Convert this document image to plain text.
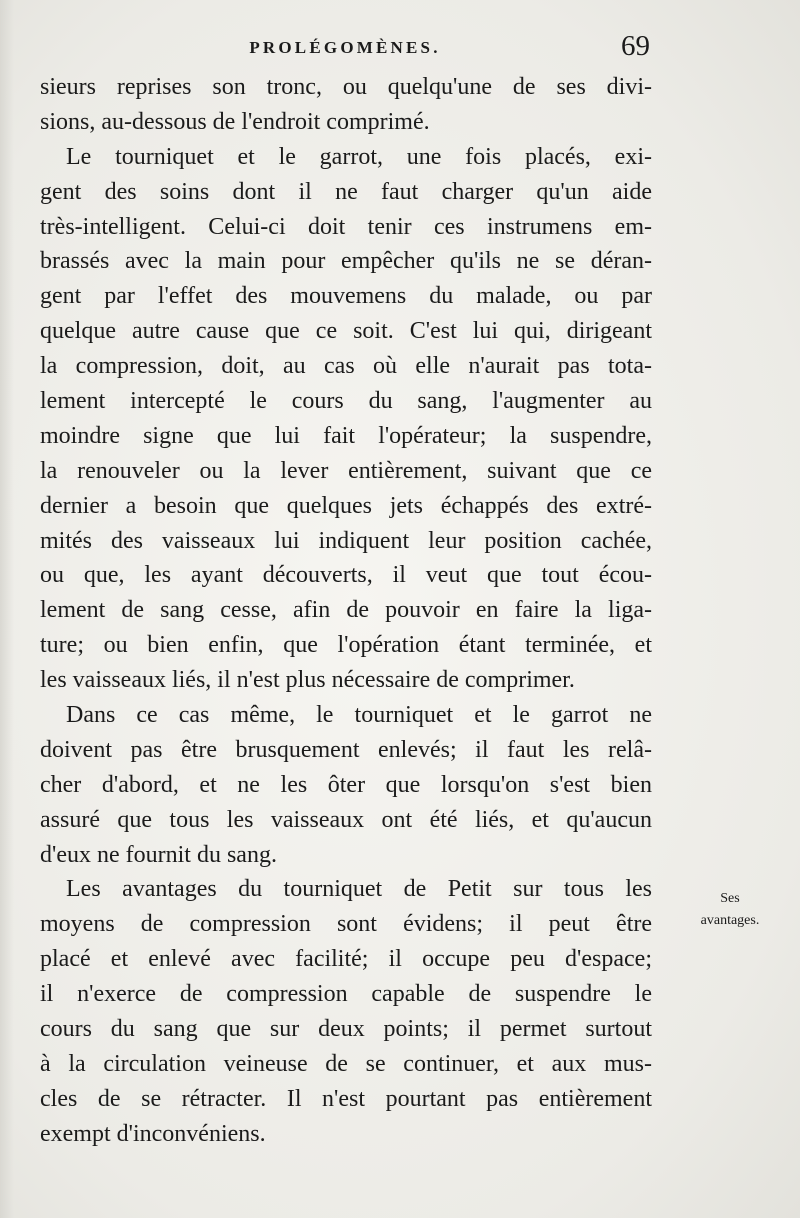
PROLÉGOMÈNES.	69
sieurs reprises son tronc, ou quelqu'une de ses divi-
sions, au-dessous de l'endroit comprimé.
Le tourniquet et le garrot, une fois placés, exi-
gent des soins dont il ne faut charger qu'un aide
très-intelligent. Celui-ci doit tenir ces instrumens em-
brassés avec la main pour empêcher qu'ils ne se déran-
gent par l'effet des mouvemens du malade, ou par
quelque autre cause que ce soit. C'est lui qui, dirigeant
la compression, doit, au cas où elle n'aurait pas tota-
lement intercepté le cours du sang, l'augmenter au
moindre signe que lui fait l'opérateur; la suspendre,
la renouveler ou la lever entièrement, suivant que ce
dernier a besoin que quelques jets échappés des extré-
mités des vaisseaux lui indiquent leur position cachée,
ou que, les ayant découverts, il veut que tout écou-
lement de sang cesse, afin de pouvoir en faire la liga-
ture; ou bien enfin, que l'opération étant terminée, et
les vaisseaux liés, il n'est plus nécessaire de comprimer.
Dans ce cas même, le tourniquet et le garrot ne
doivent pas être brusquement enlevés; il faut les relâ-
cher d'abord, et ne les ôter que lorsqu'on s'est bien
assuré que tous les vaisseaux ont été liés, et qu'aucun
d'eux ne fournit du sang.
Les avantages du tourniquet de Petit sur tous les
moyens de compression sont évidens; il peut être
placé et enlevé avec facilité; il occupe peu d'espace;
il n'exerce de compression capable de suspendre le
cours du sang que sur deux points; il permet surtout
à la circulation veineuse de se continuer, et aux mus-
cles de se rétracter. Il n'est pourtant pas entièrement
exempt d'inconvéniens.
Ses
avantages.
